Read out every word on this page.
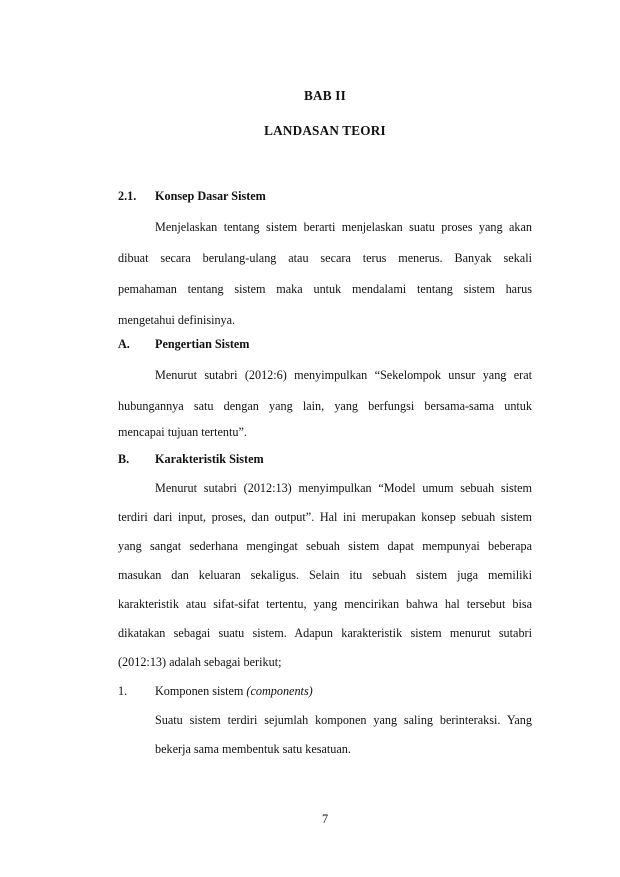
BAB II
LANDASAN TEORI
2.1. Konsep Dasar Sistem
Menjelaskan tentang sistem berarti menjelaskan suatu proses yang akan
dibuat secara berulang-ulang atau secara terus menerus. Banyak sekali
pemahaman tentang sistem maka untuk mendalami tentang sistem harus
mengetahui definisinya.
A. Pengertian Sistem
Menurut sutabri (2012:6) menyimpulkan “Sekelompok unsur yang erat
hubungannya satu dengan yang lain, yang berfungsi bersama-sama untuk
mencapai tujuan tertentu”.
B. Karakteristik Sistem
Menurut sutabri (2012:13) menyimpulkan “Model umum sebuah sistem
terdiri dari input, proses, dan output”. Hal ini merupakan konsep sebuah sistem
yang sangat sederhana mengingat sebuah sistem dapat mempunyai beberapa
masukan dan keluaran sekaligus. Selain itu sebuah sistem juga memiliki
karakteristik atau sifat-sifat tertentu, yang mencirikan bahwa hal tersebut bisa
dikatakan sebagai suatu sistem. Adapun karakteristik sistem menurut sutabri
(2012:13) adalah sebagai berikut;
1. Komponen sistem (components)
Suatu sistem terdiri sejumlah komponen yang saling berinteraksi. Yang
bekerja sama membentuk satu kesatuan.
7
